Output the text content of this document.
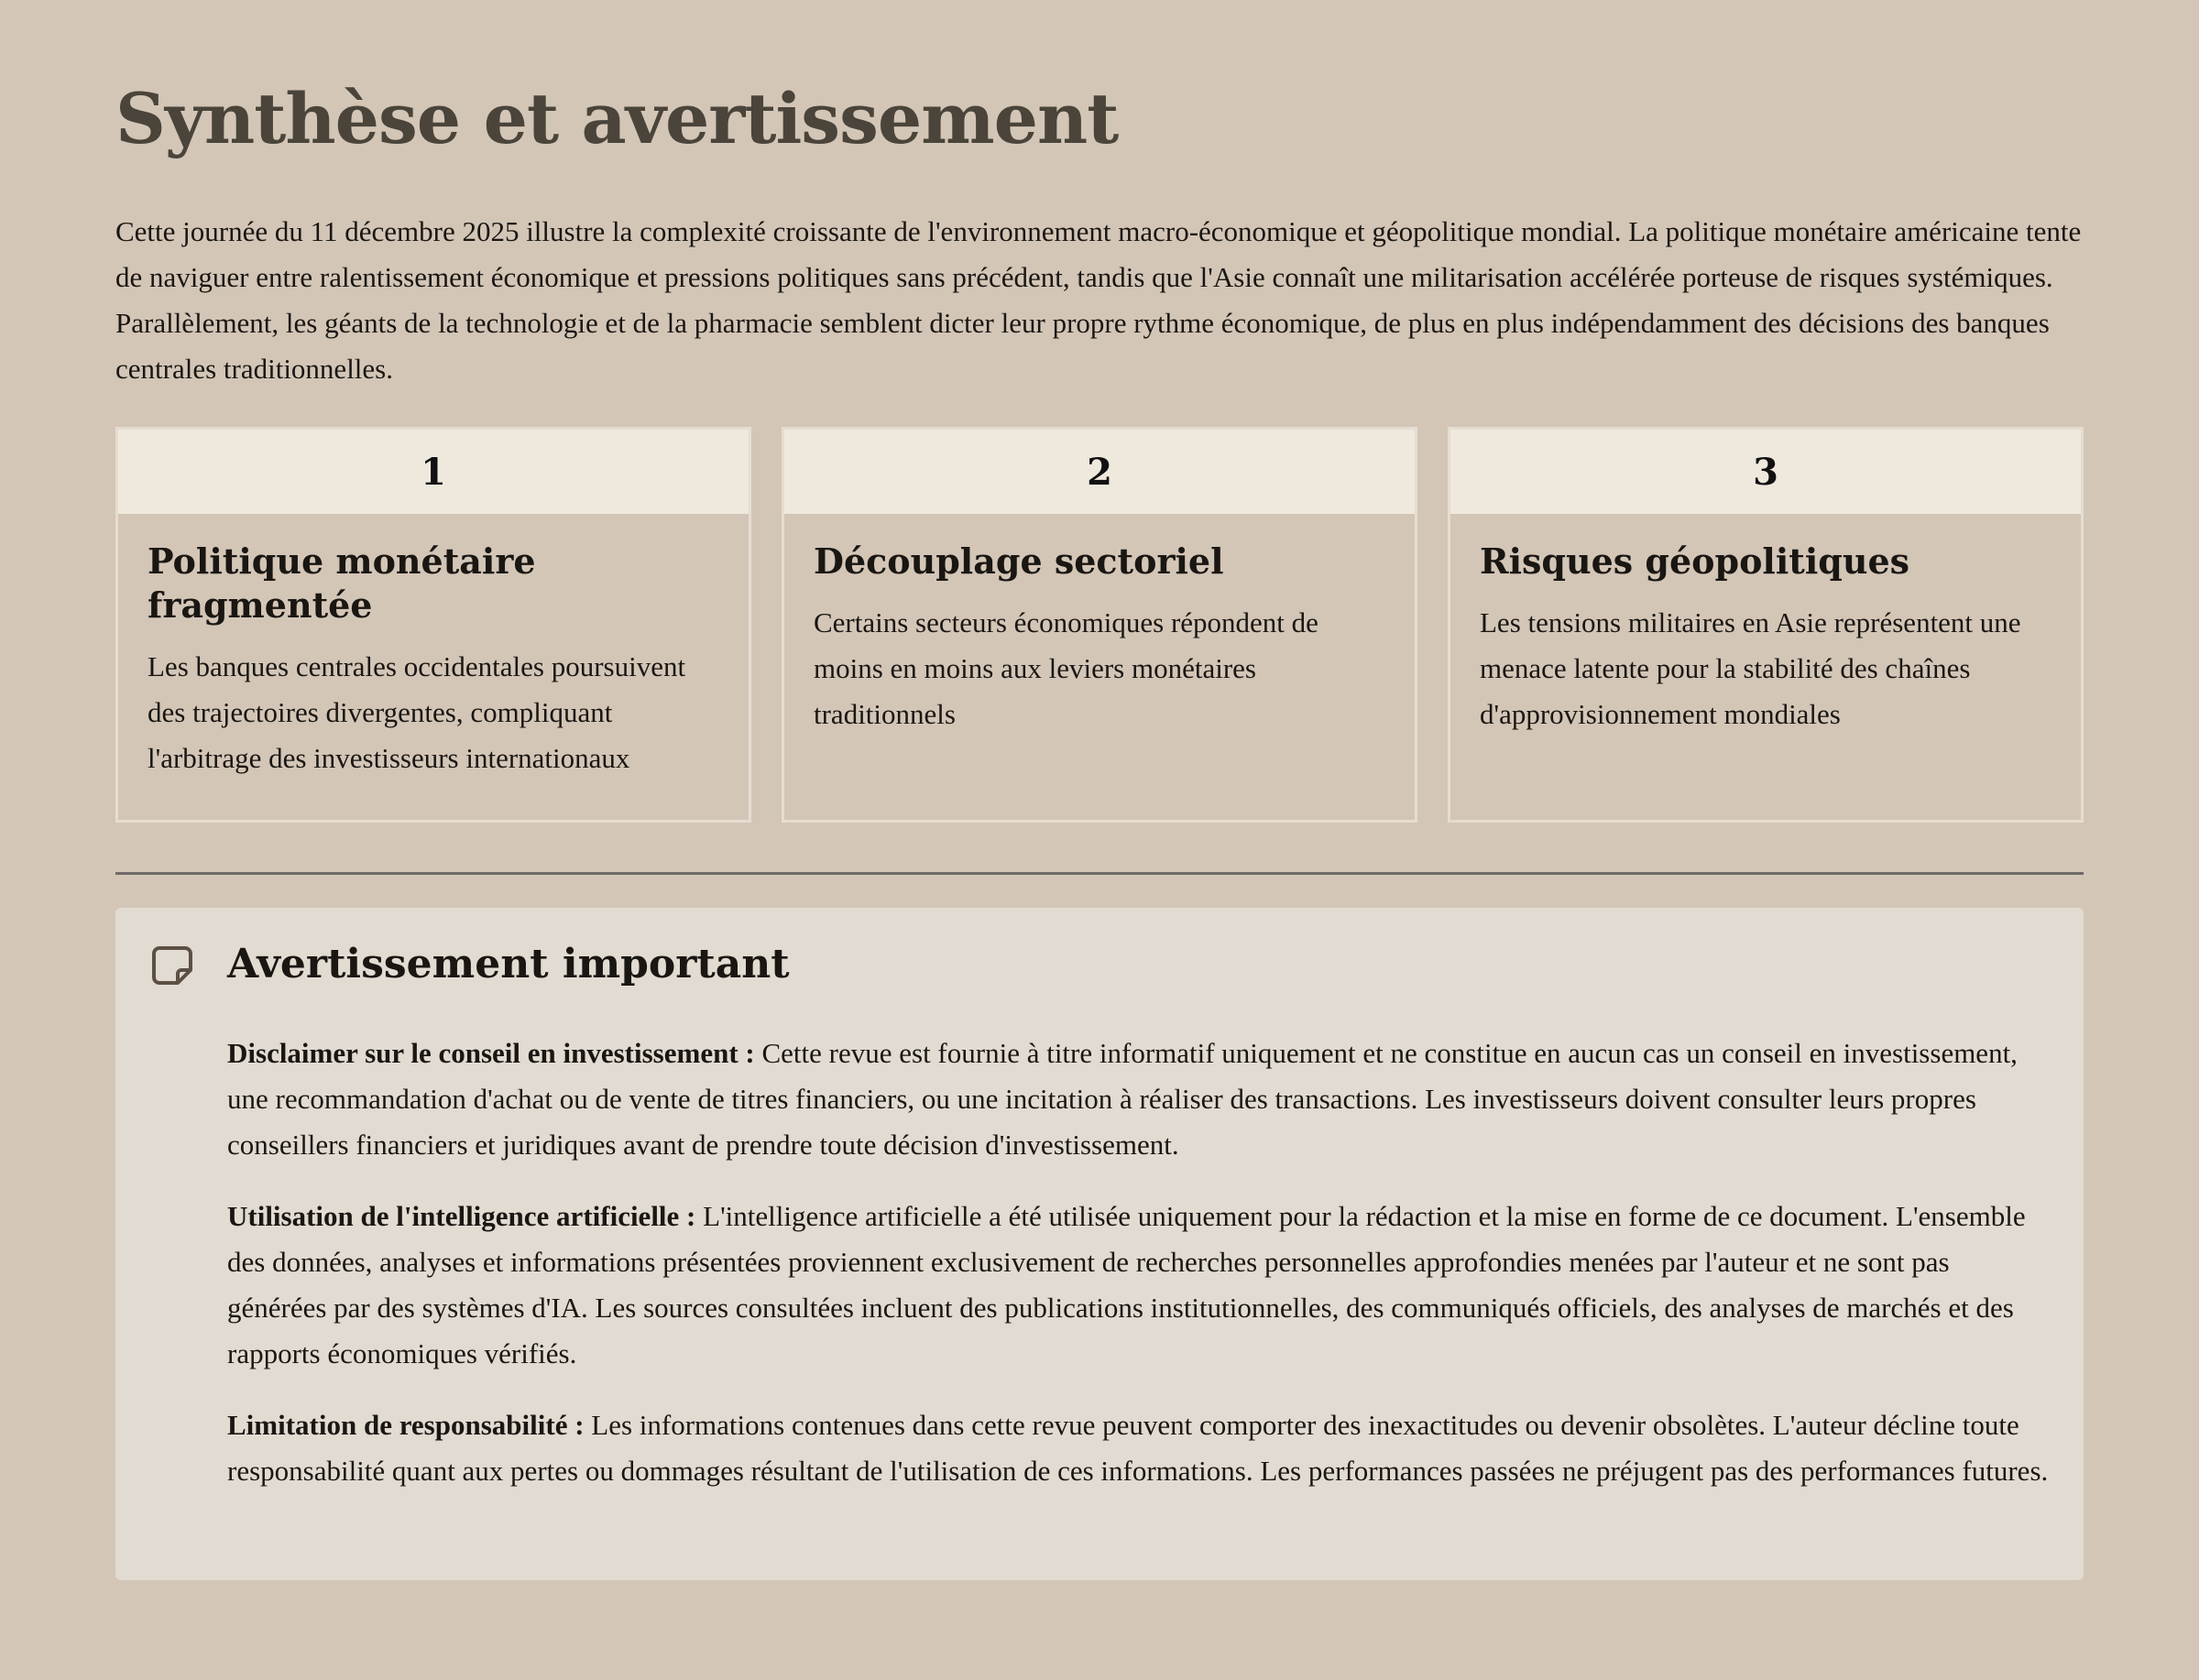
Synthèse et avertissement

Cette journée du 11 décembre 2025 illustre la complexité croissante de l'environnement macro-économique et géopolitique mondial. La politique monétaire américaine tente de naviguer entre ralentissement économique et pressions politiques sans précédent, tandis que l'Asie connaît une militarisation accélérée porteuse de risques systémiques. Parallèlement, les géants de la technologie et de la pharmacie semblent dicter leur propre rythme économique, de plus en plus indépendamment des décisions des banques centrales traditionnelles.

1
Politique monétaire fragmentée

Les banques centrales occidentales poursuivent des trajectoires divergentes, compliquant l'arbitrage des investisseurs internationaux

2
Découplage sectoriel

Certains secteurs économiques répondent de moins en moins aux leviers monétaires traditionnels

3
Risques géopolitiques

Les tensions militaires en Asie représentent une menace latente pour la stabilité des chaînes d'approvisionnement mondiales

Avertissement important

Disclaimer sur le conseil en investissement : Cette revue est fournie à titre informatif uniquement et ne constitue en aucun cas un conseil en investissement, une recommandation d'achat ou de vente de titres financiers, ou une incitation à réaliser des transactions. Les investisseurs doivent consulter leurs propres conseillers financiers et juridiques avant de prendre toute décision d'investissement.

Utilisation de l'intelligence artificielle : L'intelligence artificielle a été utilisée uniquement pour la rédaction et la mise en forme de ce document. L'ensemble des données, analyses et informations présentées proviennent exclusivement de recherches personnelles approfondies menées par l'auteur et ne sont pas générées par des systèmes d'IA. Les sources consultées incluent des publications institutionnelles, des communiqués officiels, des analyses de marchés et des rapports économiques vérifiés.

Limitation de responsabilité : Les informations contenues dans cette revue peuvent comporter des inexactitudes ou devenir obsolètes. L'auteur décline toute responsabilité quant aux pertes ou dommages résultant de l'utilisation de ces informations. Les performances passées ne préjugent pas des performances futures.
